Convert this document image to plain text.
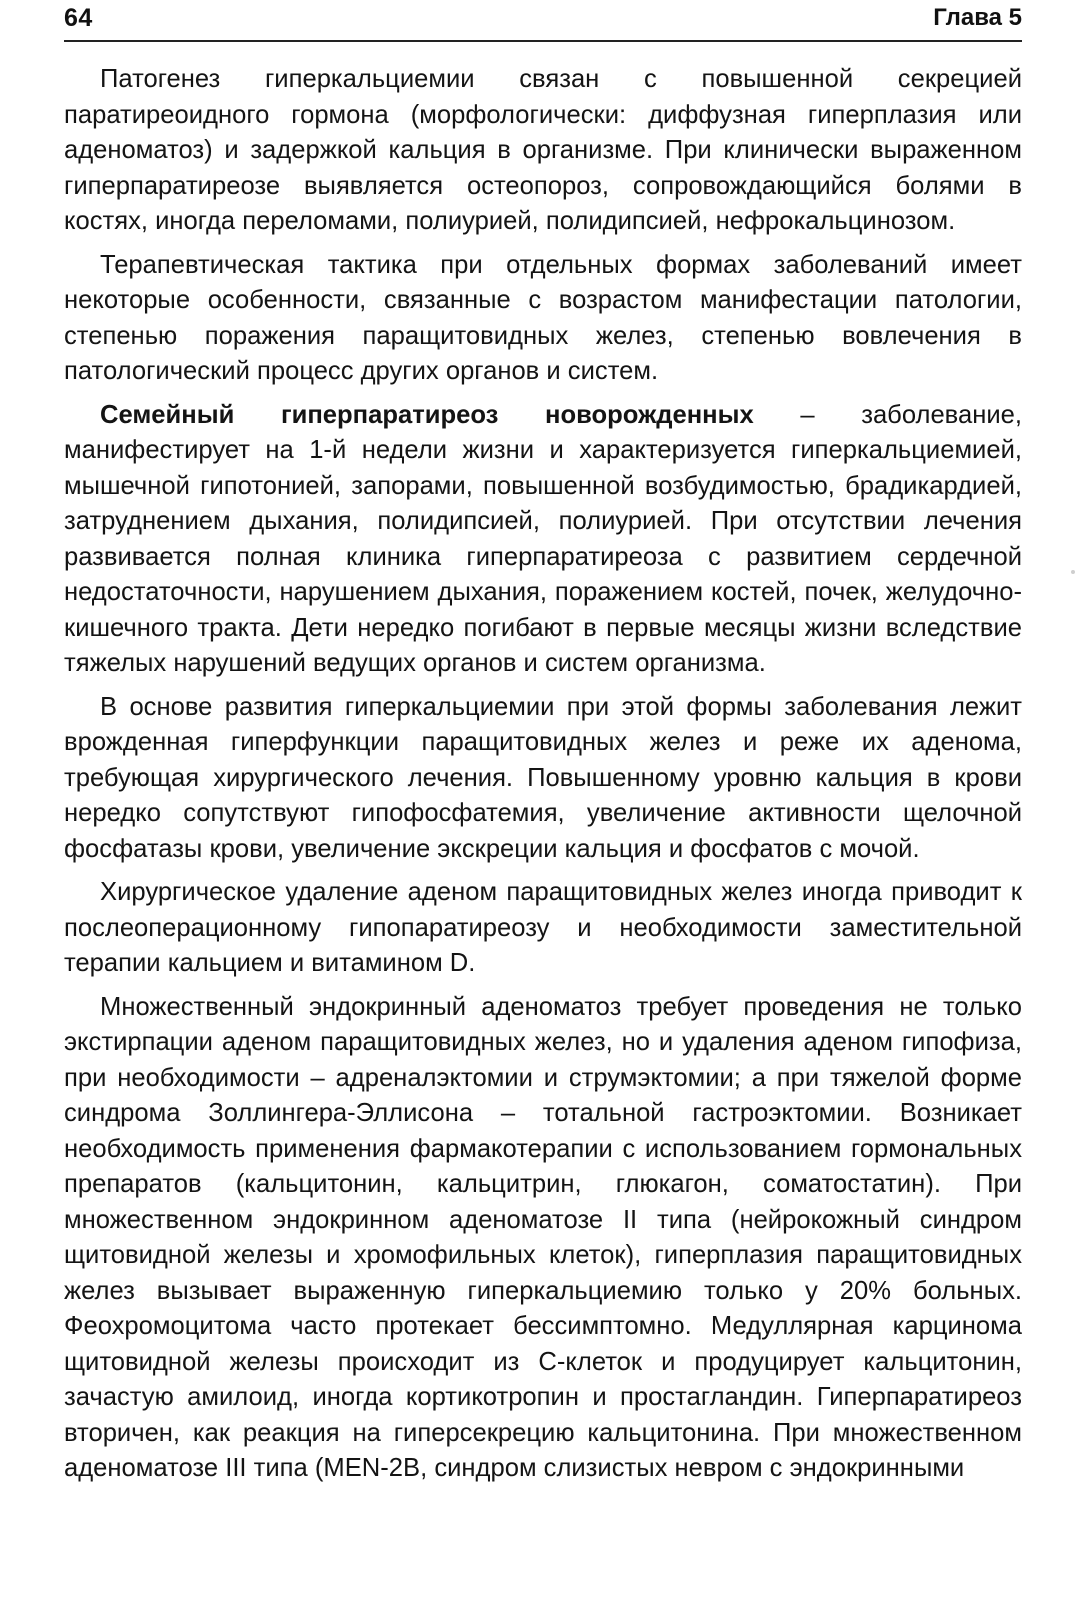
64	Глава 5

Патогенез гиперкальциемии связан с повышенной секрецией паратиреоидного гормона (морфологически: диффузная гиперплазия или аденоматоз) и задержкой кальция в организме. При клинически выраженном гиперпаратиреозе выявляется остеопороз, сопровождающийся болями в костях, иногда переломами, полиурией, полидипсией, нефрокальцинозом.

Терапевтическая тактика при отдельных формах заболеваний имеет некоторые особенности, связанные с возрастом манифестации патологии, степенью поражения паращитовидных желез, степенью вовлечения в патологический процесс других органов и систем.

Семейный гиперпаратиреоз новорожденных – заболевание, манифестирует на 1-й недели жизни и характеризуется гиперкальциемией, мышечной гипотонией, запорами, повышенной возбудимостью, брадикардией, затруднением дыхания, полидипсией, полиурией. При отсутствии лечения развивается полная клиника гиперпаратиреоза с развитием сердечной недостаточности, нарушением дыхания, поражением костей, почек, желудочно-кишечного тракта. Дети нередко погибают в первые месяцы жизни вследствие тяжелых нарушений ведущих органов и систем организма.

В основе развития гиперкальциемии при этой формы заболевания лежит врожденная гиперфункции паращитовидных желез и реже их аденома, требующая хирургического лечения. Повышенному уровню кальция в крови нередко сопутствуют гипофосфатемия, увеличение активности щелочной фосфатазы крови, увеличение экскреции кальция и фосфатов с мочой.

Хирургическое удаление аденом паращитовидных желез иногда приводит к послеоперационному гипопаратиреозу и необходимости заместительной терапии кальцием и витамином D.

Множественный эндокринный аденоматоз требует проведения не только экстирпации аденом паращитовидных желез, но и удаления аденом гипофиза, при необходимости – адреналэктомии и струмэктомии; а при тяжелой форме синдрома Золлингера-Эллисона – тотальной гастроэктомии. Возникает необходимость применения фармакотерапии с использованием гормональных препаратов (кальцитонин, кальцитрин, глюкагон, соматостатин). При множественном эндокринном аденоматозе II типа (нейрокожный синдром щитовидной железы и хромофильных клеток), гиперплазия паращитовидных желез вызывает выраженную гиперкальциемию только у 20% больных. Феохромоцитома часто протекает бессимптомно. Медуллярная карцинома щитовидной железы происходит из С-клеток и продуцирует кальцитонин, зачастую амилоид, иногда кортикотропин и простагландин. Гиперпаратиреоз вторичен, как реакция на гиперсекрецию кальцитонина. При множественном аденоматозе III типа (MEN-2B, синдром слизистых невром с эндокринными
